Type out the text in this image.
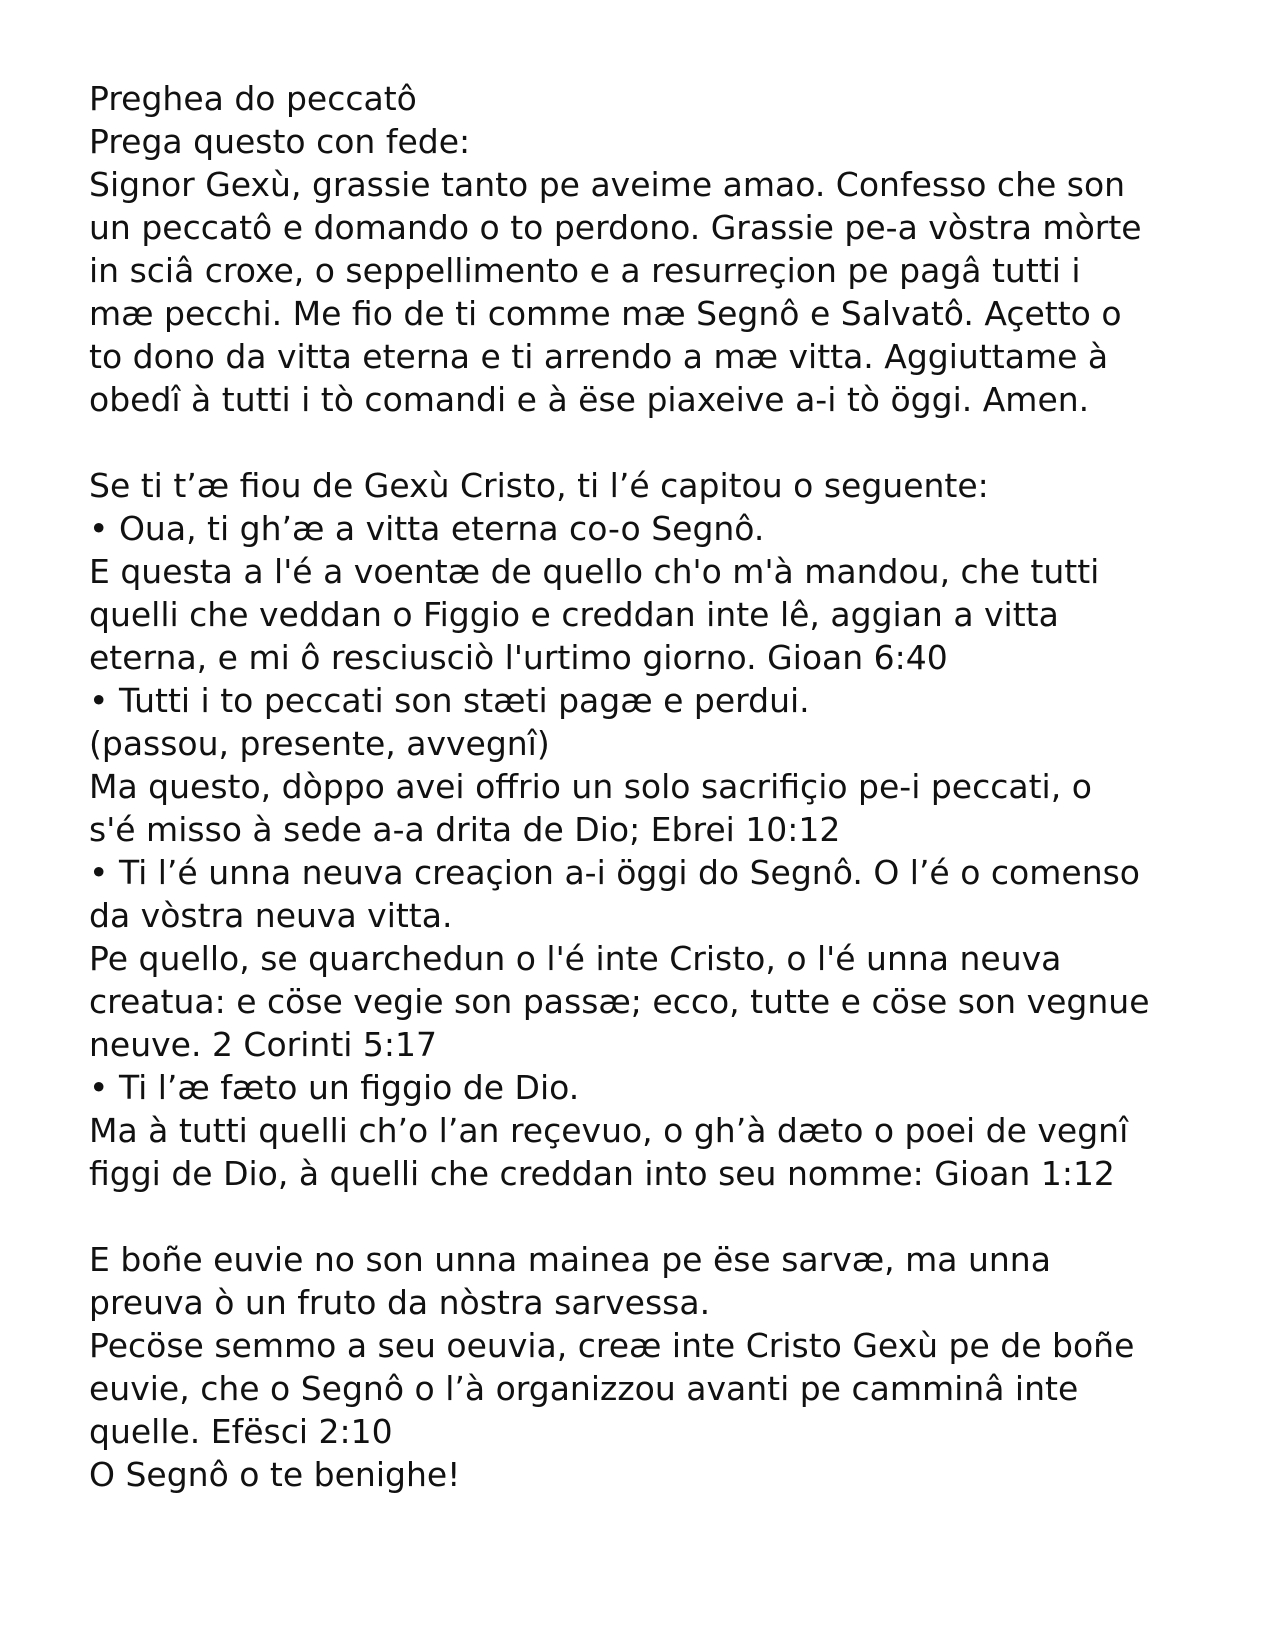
Preghea do peccatô
Prega questo con fede:
Signor Gexù, grassie tanto pe aveime amao. Confesso che son
un peccatô e domando o to perdono. Grassie pe-a vòstra mòrte
in sciâ croxe, o seppellimento e a resurreçion pe pagâ tutti i
mæ pecchi. Me fio de ti comme mæ Segnô e Salvatô. Açetto o
to dono da vitta eterna e ti arrendo a mæ vitta. Aggiuttame à
obedî à tutti i tò comandi e à ëse piaxeive a-i tò öggi. Amen.
Se ti t’æ fiou de Gexù Cristo, ti l’é capitou o seguente:
• Oua, ti gh’æ a vitta eterna co-o Segnô.
E questa a l'é a voentæ de quello ch'o m'à mandou, che tutti
quelli che veddan o Figgio e creddan inte lê, aggian a vitta
eterna, e mi ô resciusciò l'urtimo giorno. Gioan 6:40
• Tutti i to peccati son stæti pagæ e perdui.
(passou, presente, avvegnî)
Ma questo, dòppo avei offrio un solo sacrifiçio pe-i peccati, o
s'é misso à sede a-a drita de Dio; Ebrei 10:12
• Ti l’é unna neuva creaçion a-i öggi do Segnô. O l’é o comenso
da vòstra neuva vitta.
Pe quello, se quarchedun o l'é inte Cristo, o l'é unna neuva
creatua: e cöse vegie son passæ; ecco, tutte e cöse son vegnue
neuve. 2 Corinti 5:17
• Ti l’æ fæto un figgio de Dio.
Ma à tutti quelli ch’o l’an reçevuo, o gh’à dæto o poei de vegnî
figgi de Dio, à quelli che creddan into seu nomme: Gioan 1:12
E boñe euvie no son unna mainea pe ëse sarvæ, ma unna
preuva ò un fruto da nòstra sarvessa.
Pecöse semmo a seu oeuvia, creæ inte Cristo Gexù pe de boñe
euvie, che o Segnô o l’à organizzou avanti pe camminâ inte
quelle. Efësci 2:10
O Segnô o te benighe!
